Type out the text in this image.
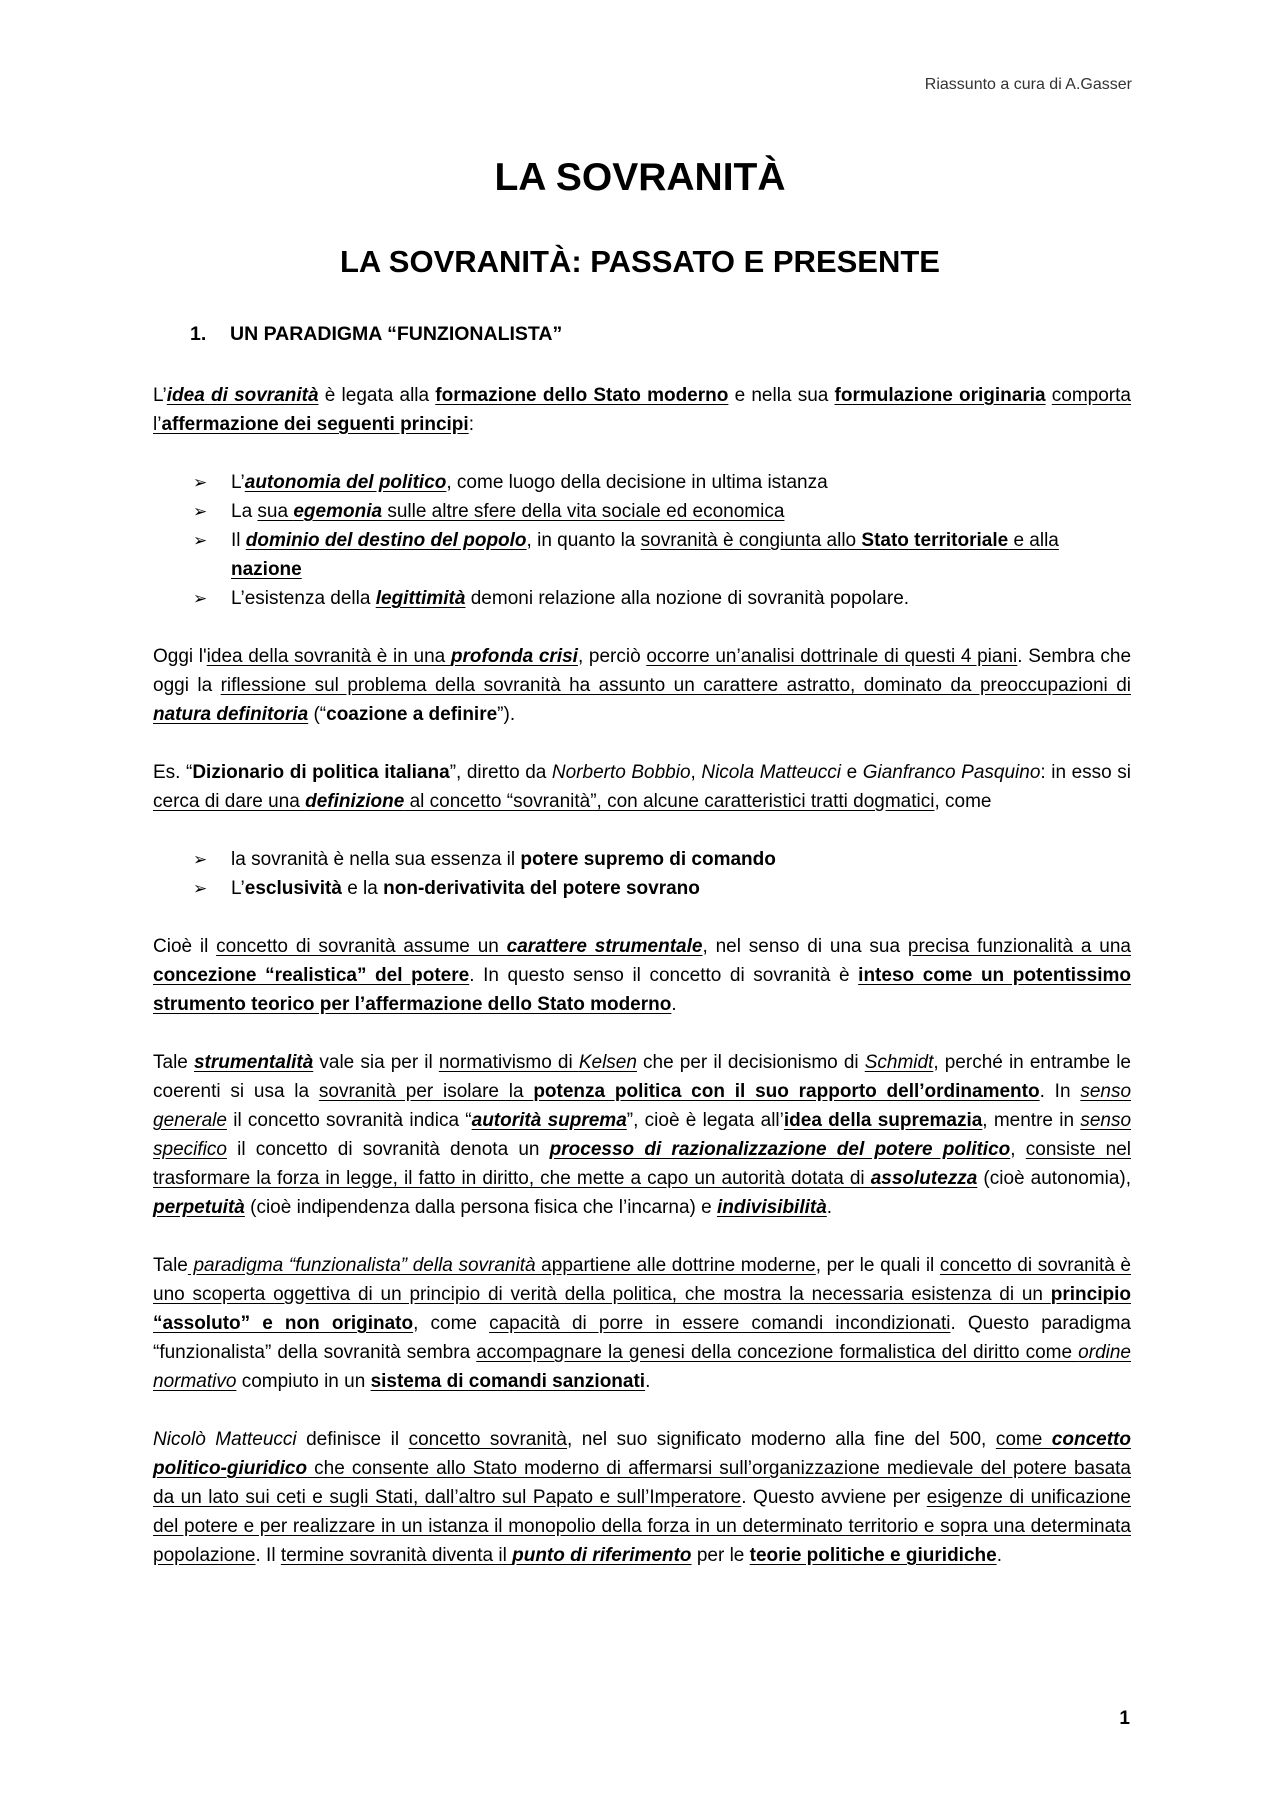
Riassunto a cura di A.Gasser
LA SOVRANITÀ
LA SOVRANITÀ: PASSATO E PRESENTE
1. UN PARADIGMA “FUNZIONALISTA”

L’idea di sovranità è legata alla formazione dello Stato moderno e nella sua formulazione originaria comporta l’affermazione dei seguenti principi:

➢ L’autonomia del politico, come luogo della decisione in ultima istanza
➢ La sua egemonia sulle altre sfere della vita sociale ed economica
➢ Il dominio del destino del popolo, in quanto la sovranità è congiunta allo Stato territoriale e alla nazione
➢ L’esistenza della legittimità demoni relazione alla nozione di sovranità popolare.

Oggi l'idea della sovranità è in una profonda crisi, perciò occorre un’analisi dottrinale di questi 4 piani. Sembra che oggi la riflessione sul problema della sovranità ha assunto un carattere astratto, dominato da preoccupazioni di natura definitoria (“coazione a definire”).

Es. “Dizionario di politica italiana”, diretto da Norberto Bobbio, Nicola Matteucci e Gianfranco Pasquino: in esso si cerca di dare una definizione al concetto “sovranità”, con alcune caratteristici tratti dogmatici, come

➢ la sovranità è nella sua essenza il potere supremo di comando
➢ L’esclusività e la non-derivativita del potere sovrano

Cioè il concetto di sovranità assume un carattere strumentale, nel senso di una sua precisa funzionalità a una concezione “realistica” del potere. In questo senso il concetto di sovranità è inteso come un potentissimo strumento teorico per l’affermazione dello Stato moderno.

Tale strumentalità vale sia per il normativismo di Kelsen che per il decisionismo di Schmidt, perché in entrambe le coerenti si usa la sovranità per isolare la potenza politica con il suo rapporto dell’ordinamento. In senso generale il concetto sovranità indica “autorità suprema”, cioè è legata all’idea della supremazia, mentre in senso specifico il concetto di sovranità denota un processo di razionalizzazione del potere politico, consiste nel trasformare la forza in legge, il fatto in diritto, che mette a capo un autorità dotata di assolutezza (cioè autonomia), perpetuità (cioè indipendenza dalla persona fisica che l’incarna) e indivisibilità.

Tale paradigma “funzionalista” della sovranità appartiene alle dottrine moderne, per le quali il concetto di sovranità è uno scoperta oggettiva di un principio di verità della politica, che mostra la necessaria esistenza di un principio “assoluto” e non originato, come capacità di porre in essere comandi incondizionati. Questo paradigma “funzionalista” della sovranità sembra accompagnare la genesi della concezione formalistica del diritto come ordine normativo compiuto in un sistema di comandi sanzionati.

Nicolò Matteucci definisce il concetto sovranità, nel suo significato moderno alla fine del 500, come concetto politico-giuridico che consente allo Stato moderno di affermarsi sull’organizzazione medievale del potere basata da un lato sui ceti e sugli Stati, dall’altro sul Papato e sull’Imperatore. Questo avviene per esigenze di unificazione del potere e per realizzare in un istanza il monopolio della forza in un determinato territorio e sopra una determinata popolazione. Il termine sovranità diventa il punto di riferimento per le teorie politiche e giuridiche.

1
